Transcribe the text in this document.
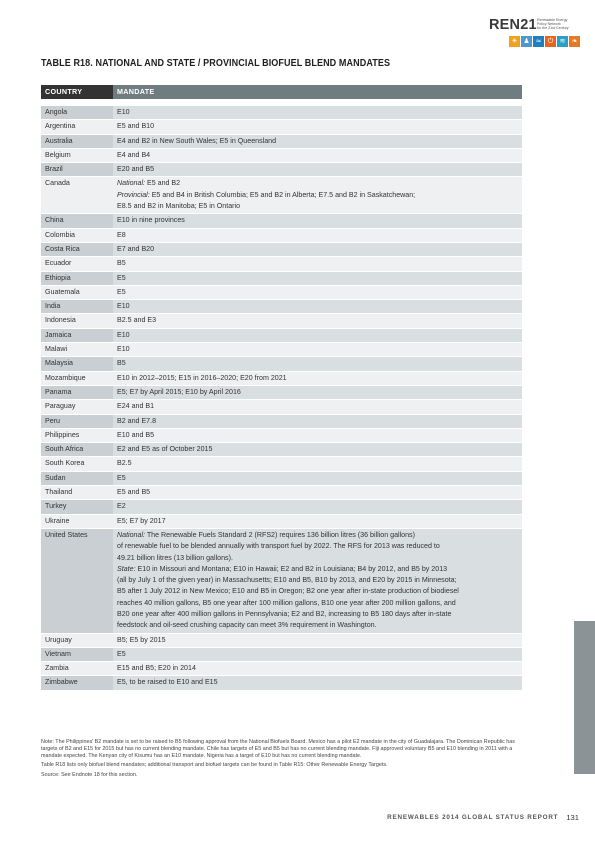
REN21 Renewable Energy
Policy Network
for the 21st Century
☀ ♟ ≈ ⏻ ≋ ❧
TABLE R18. NATIONAL AND STATE / PROVINCIAL BIOFUEL BLEND MANDATES
COUNTRY	MANDATE
Angola	E10
Argentina	E5 and B10
Australia	E4 and B2 in New South Wales; E5 in Queensland
Belgium	E4 and B4
Brazil	E20 and B5
Canada	National: E5 and B2
Provincial: E5 and B4 in British Columbia; E5 and B2 in Alberta; E7.5 and B2 in Saskatchewan;
E8.5 and B2 in Manitoba; E5 in Ontario
China	E10 in nine provinces
Colombia	E8
Costa Rica	E7 and B20
Ecuador	B5
Ethiopia	E5
Guatemala	E5
India	E10
Indonesia	B2.5 and E3
Jamaica	E10
Malawi	E10
Malaysia	B5
Mozambique	E10 in 2012–2015; E15 in 2016–2020; E20 from 2021
Panama	E5; E7 by April 2015; E10 by April 2016
Paraguay	E24 and B1
Peru	B2 and E7.8
Philippines	E10 and B5
South Africa	E2 and E5 as of October 2015
South Korea	B2.5
Sudan	E5
Thailand	E5 and B5
Turkey	E2
Ukraine	E5; E7 by 2017
United States	National: The Renewable Fuels Standard 2 (RFS2) requires 136 billion litres (36 billion gallons)
of renewable fuel to be blended annually with transport fuel by 2022. The RFS for 2013 was reduced to
49.21 billion litres (13 billion gallons).
State: E10 in Missouri and Montana; E10 in Hawaii; E2 and B2 in Louisiana; B4 by 2012, and B5 by 2013
(all by July 1 of the given year) in Massachusetts; E10 and B5, B10 by 2013, and E20 by 2015 in Minnesota;
B5 after 1 July 2012 in New Mexico; E10 and B5 in Oregon; B2 one year after in-state production of biodiesel
reaches 40 million gallons, B5 one year after 100 million gallons, B10 one year after 200 million gallons, and
B20 one year after 400 million gallons in Pennsylvania; E2 and B2, increasing to B5 180 days after in-state
feedstock and oil-seed crushing capacity can meet 3% requirement in Washington.
Uruguay	B5; E5 by 2015
Vietnam	E5
Zambia	E15 and B5; E20 in 2014
Zimbabwe	E5, to be raised to E10 and E15

Note: The Philippines' B2 mandate is set to be raised to B5 following approval from the National Biofuels Board. Mexico has a pilot E2 mandate in the city of Guadalajara. The Dominican Republic has targets of B2 and E15 for 2015 but has no current blending mandate. Chile has targets of E5 and B5 but has no current blending mandate. Fiji approved voluntary B5 and E10 blending in 2011 with a mandate expected. The Kenyan city of Kisumu has an E10 mandate. Nigeria has a target of E10 but has no current blending mandate.

Table R18 lists only biofuel blend mandates; additional transport and biofuel targets can be found in Table R15: Other Renewable Energy Targets.

Source: See Endnote 18 for this section.

RENEWABLES 2014 GLOBAL STATUS REPORT 131
